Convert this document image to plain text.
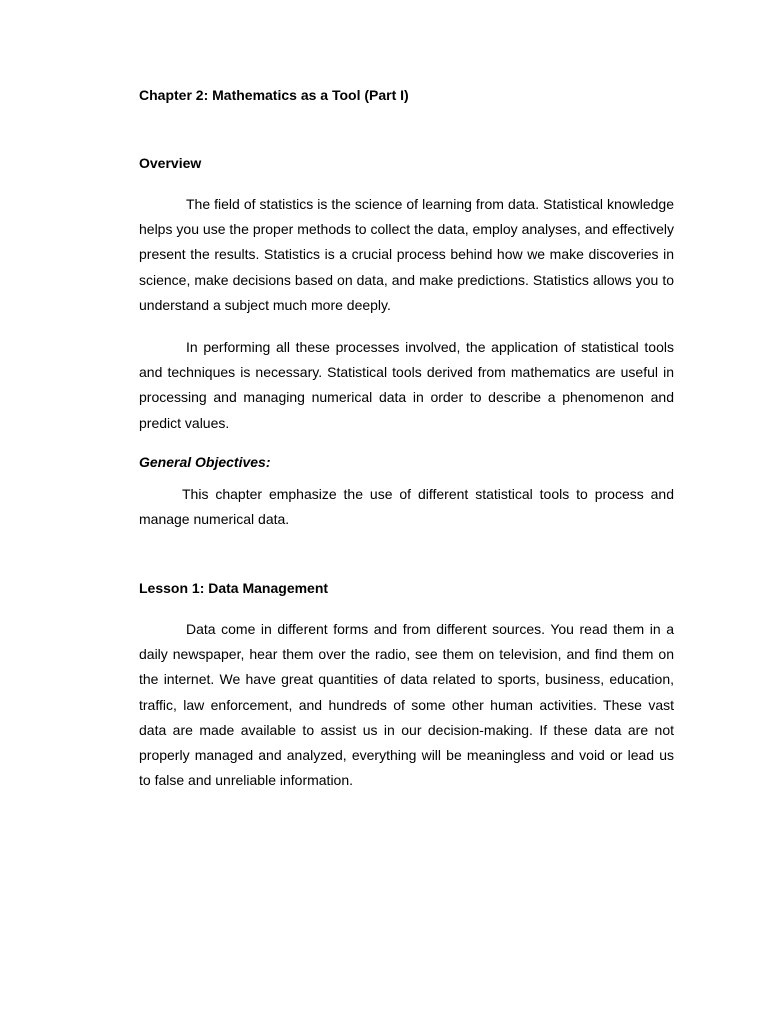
Chapter 2: Mathematics as a Tool (Part I)

Overview

The field of statistics is the science of learning from data. Statistical knowledge helps you use the proper methods to collect the data, employ analyses, and effectively present the results. Statistics is a crucial process behind how we make discoveries in science, make decisions based on data, and make predictions. Statistics allows you to understand a subject much more deeply.

In performing all these processes involved, the application of statistical tools and techniques is necessary. Statistical tools derived from mathematics are useful in processing and managing numerical data in order to describe a phenomenon and predict values.

General Objectives:

This chapter emphasize the use of different statistical tools to process and manage numerical data.

Lesson 1: Data Management

Data come in different forms and from different sources. You read them in a daily newspaper, hear them over the radio, see them on television, and find them on the internet. We have great quantities of data related to sports, business, education, traffic, law enforcement, and hundreds of some other human activities. These vast data are made available to assist us in our decision-making. If these data are not properly managed and analyzed, everything will be meaningless and void or lead us to false and unreliable information.
